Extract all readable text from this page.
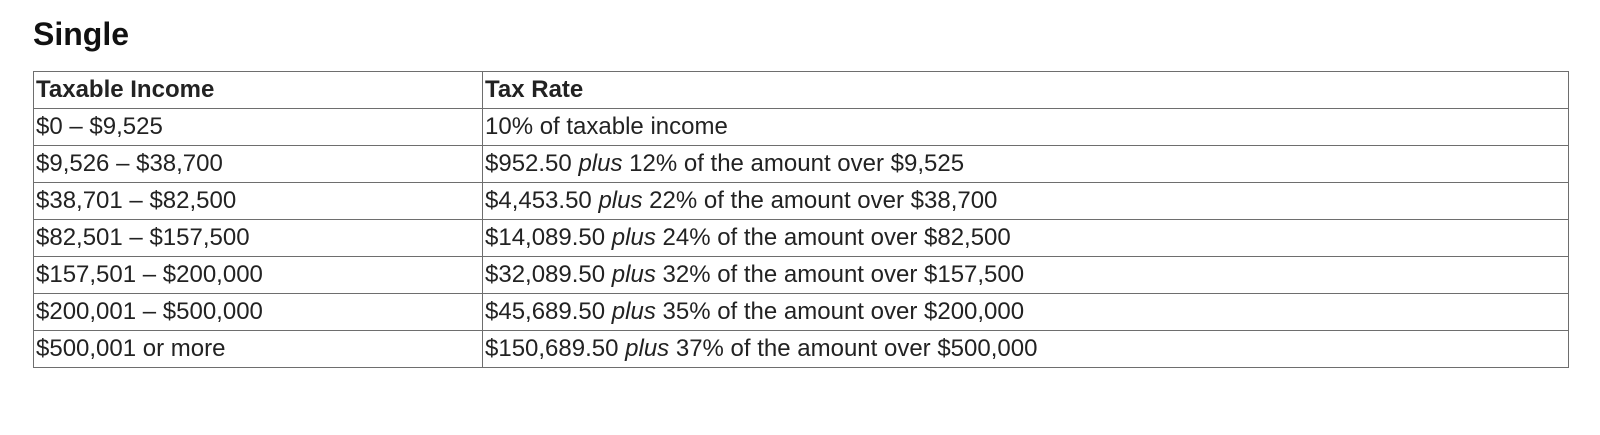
Single
Taxable Income	Tax Rate
$0 – $9,525	10% of taxable income
$9,526 – $38,700	$952.50 plus 12% of the amount over $9,525
$38,701 – $82,500	$4,453.50 plus 22% of the amount over $38,700
$82,501 – $157,500	$14,089.50 plus 24% of the amount over $82,500
$157,501 – $200,000	$32,089.50 plus 32% of the amount over $157,500
$200,001 – $500,000	$45,689.50 plus 35% of the amount over $200,000
$500,001 or more	$150,689.50 plus 37% of the amount over $500,000
